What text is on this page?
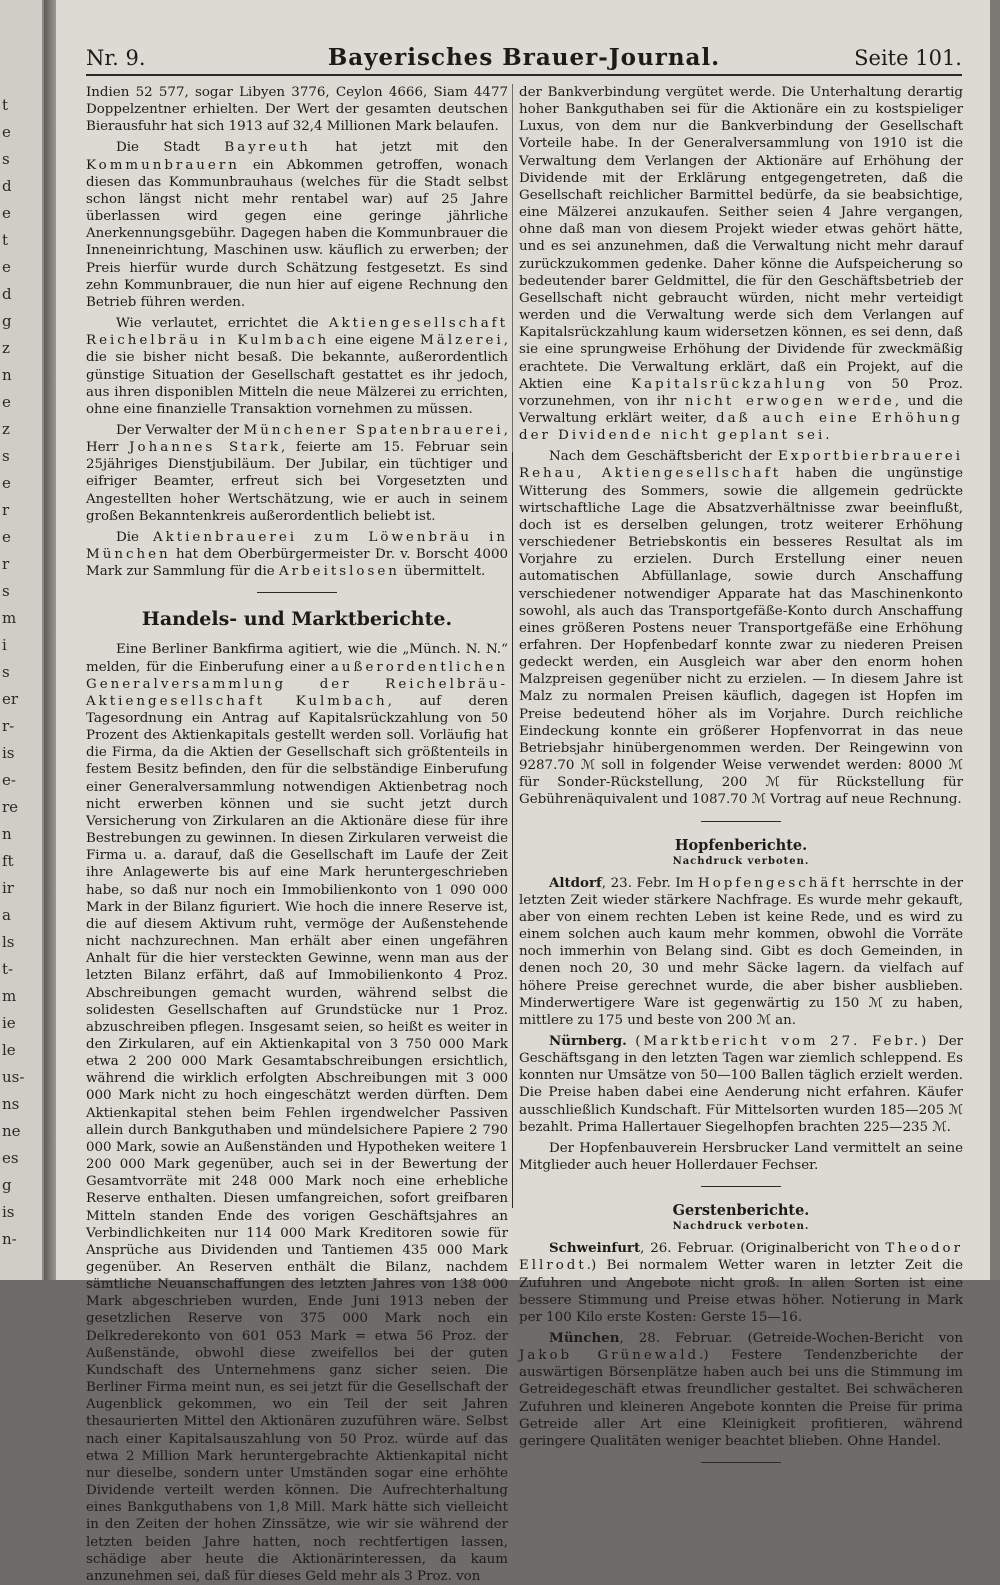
t
e
s
d
e
t
e
d
g
z
n
e
z
s
e
r
e
r
s
m
i
s
er
r-
is
e-
re
n
ft
ir
a
ls
t-
m
ie
le
us-
ns
ne
es
g
is
n-
Nr. 9.	Bayerisches Brauer-Journal.	Seite 101.

Indien 52 577, sogar Libyen 3776, Ceylon 4666, Siam 4477 Doppelzentner erhielten. Der Wert der gesamten deutschen Bierausfuhr hat sich 1913 auf 32,4 Millionen Mark belaufen.

Die Stadt Bayreuth hat jetzt mit den Kommunbrauern ein Abkommen getroffen, wonach diesen das Kommunbrauhaus (welches für die Stadt selbst schon längst nicht mehr rentabel war) auf 25 Jahre überlassen wird gegen eine geringe jährliche Anerkennungsgebühr. Dagegen haben die Kommunbrauer die Inneneinrichtung, Maschinen usw. käuflich zu erwerben; der Preis hierfür wurde durch Schätzung festgesetzt. Es sind zehn Kommunbrauer, die nun hier auf eigene Rechnung den Betrieb führen werden.

Wie verlautet, errichtet die Aktiengesellschaft Reichelbräu in Kulmbach eine eigene Mälzerei, die sie bisher nicht besaß. Die bekannte, außerordentlich günstige Situation der Gesellschaft gestattet es ihr jedoch, aus ihren disponiblen Mitteln die neue Mälzerei zu errichten, ohne eine finanzielle Transaktion vornehmen zu müssen.

Der Verwalter der Münchener Spatenbrauerei, Herr Johannes Stark, feierte am 15. Februar sein 25jähriges Dienstjubiläum. Der Jubilar, ein tüchtiger und eifriger Beamter, erfreut sich bei Vorgesetzten und Angestellten hoher Wertschätzung, wie er auch in seinem großen Bekanntenkreis außerordentlich beliebt ist.

Die Aktienbrauerei zum Löwenbräu in München hat dem Oberbürgermeister Dr. v. Borscht 4000 Mark zur Sammlung für die Arbeitslosen übermittelt.

Handels- und Marktberichte.

Eine Berliner Bankfirma agitiert, wie die „Münch. N. N.“ melden, für die Einberufung einer außerordentlichen Generalversammlung der Reichelbräu-Aktiengesellschaft Kulmbach, auf deren Tagesordnung ein Antrag auf Kapitalsrückzahlung von 50 Prozent des Aktienkapitals gestellt werden soll. Vorläufig hat die Firma, da die Aktien der Gesellschaft sich größtenteils in festem Besitz befinden, den für die selbständige Einberufung einer Generalversammlung notwendigen Aktienbetrag noch nicht erwerben können und sie sucht jetzt durch Versicherung von Zirkularen an die Aktionäre diese für ihre Bestrebungen zu gewinnen. In diesen Zirkularen verweist die Firma u. a. darauf, daß die Gesellschaft im Laufe der Zeit ihre Anlagewerte bis auf eine Mark heruntergeschrieben habe, so daß nur noch ein Immobilienkonto von 1 090 000 Mark in der Bilanz figuriert. Wie hoch die innere Reserve ist, die auf diesem Aktivum ruht, vermöge der Außenstehende nicht nachzurechnen. Man erhält aber einen ungefähren Anhalt für die hier versteckten Gewinne, wenn man aus der letzten Bilanz erfährt, daß auf Immobilienkonto 4 Proz. Abschreibungen gemacht wurden, während selbst die solidesten Gesellschaften auf Grundstücke nur 1 Proz. abzuschreiben pflegen. Insgesamt seien, so heißt es weiter in den Zirkularen, auf ein Aktienkapital von 3 750 000 Mark etwa 2 200 000 Mark Gesamtabschreibungen ersichtlich, während die wirklich erfolgten Abschreibungen mit 3 000 000 Mark nicht zu hoch eingeschätzt werden dürften. Dem Aktienkapital stehen beim Fehlen irgendwelcher Passiven allein durch Bankguthaben und mündelsichere Papiere 2 790 000 Mark, sowie an Außenständen und Hypotheken weitere 1 200 000 Mark gegenüber, auch sei in der Bewertung der Gesamtvorräte mit 248 000 Mark noch eine erhebliche Reserve enthalten. Diesen umfangreichen, sofort greifbaren Mitteln standen Ende des vorigen Geschäftsjahres an Verbindlichkeiten nur 114 000 Mark Kreditoren sowie für Ansprüche aus Dividenden und Tantiemen 435 000 Mark gegenüber. An Reserven enthält die Bilanz, nachdem sämtliche Neuanschaffungen des letzten Jahres von 138 000 Mark abgeschrieben wurden, Ende Juni 1913 neben der gesetzlichen Reserve von 375 000 Mark noch ein Delkrederekonto von 601 053 Mark = etwa 56 Proz. der Außenstände, obwohl diese zweifellos bei der guten Kundschaft des Unternehmens ganz sicher seien. Die Berliner Firma meint nun, es sei jetzt für die Gesellschaft der Augenblick gekommen, wo ein Teil der seit Jahren thesaurierten Mittel den Aktionären zuzuführen wäre. Selbst nach einer Kapitalsauszahlung von 50 Proz. würde auf das etwa 2 Million Mark heruntergebrachte Aktienkapital nicht nur dieselbe, sondern unter Umständen sogar eine erhöhte Dividende verteilt werden können. Die Aufrechterhaltung eines Bankguthabens von 1,8 Mill. Mark hätte sich vielleicht in den Zeiten der hohen Zinssätze, wie wir sie während der letzten beiden Jahre hatten, noch rechtfertigen lassen, schädige aber heute die Aktionärinteressen, da kaum anzunehmen sei, daß für dieses Geld mehr als 3 Proz. von

der Bankverbindung vergütet werde. Die Unterhaltung derartig hoher Bankguthaben sei für die Aktionäre ein zu kostspieliger Luxus, von dem nur die Bankverbindung der Gesellschaft Vorteile habe. In der Generalversammlung von 1910 ist die Verwaltung dem Verlangen der Aktionäre auf Erhöhung der Dividende mit der Erklärung entgegengetreten, daß die Gesellschaft reichlicher Barmittel bedürfe, da sie beabsichtige, eine Mälzerei anzukaufen. Seither seien 4 Jahre vergangen, ohne daß man von diesem Projekt wieder etwas gehört hätte, und es sei anzunehmen, daß die Verwaltung nicht mehr darauf zurückzukommen gedenke. Daher könne die Aufspeicherung so bedeutender barer Geldmittel, die für den Geschäftsbetrieb der Gesellschaft nicht gebraucht würden, nicht mehr verteidigt werden und die Verwaltung werde sich dem Verlangen auf Kapitalsrückzahlung kaum widersetzen können, es sei denn, daß sie eine sprungweise Erhöhung der Dividende für zweckmäßig erachtete. Die Verwaltung erklärt, daß ein Projekt, auf die Aktien eine Kapitalsrückzahlung von 50 Proz. vorzunehmen, von ihr nicht erwogen werde, und die Verwaltung erklärt weiter, daß auch eine Erhöhung der Dividende nicht geplant sei.

Nach dem Geschäftsbericht der Exportbierbrauerei Rehau, Aktiengesellschaft haben die ungünstige Witterung des Sommers, sowie die allgemein gedrückte wirtschaftliche Lage die Absatzverhältnisse zwar beeinflußt, doch ist es derselben gelungen, trotz weiterer Erhöhung verschiedener Betriebskontis ein besseres Resultat als im Vorjahre zu erzielen. Durch Erstellung einer neuen automatischen Abfüllanlage, sowie durch Anschaffung verschiedener notwendiger Apparate hat das Maschinenkonto sowohl, als auch das Transportgefäße-Konto durch Anschaffung eines größeren Postens neuer Transportgefäße eine Erhöhung erfahren. Der Hopfenbedarf konnte zwar zu niederen Preisen gedeckt werden, ein Ausgleich war aber den enorm hohen Malzpreisen gegenüber nicht zu erzielen. — In diesem Jahre ist Malz zu normalen Preisen käuflich, dagegen ist Hopfen im Preise bedeutend höher als im Vorjahre. Durch reichliche Eindeckung konnte ein größerer Hopfenvorrat in das neue Betriebsjahr hinübergenommen werden. Der Reingewinn von 9287.70 ℳ soll in folgender Weise verwendet werden: 8000 ℳ für Sonder-Rückstellung, 200 ℳ für Rückstellung für Gebührenäquivalent und 1087.70 ℳ Vortrag auf neue Rechnung.

Hopfenberichte.
Nachdruck verboten.

Altdorf, 23. Febr. Im Hopfengeschäft herrschte in der letzten Zeit wieder stärkere Nachfrage. Es wurde mehr gekauft, aber von einem rechten Leben ist keine Rede, und es wird zu einem solchen auch kaum mehr kommen, obwohl die Vorräte noch immerhin von Belang sind. Gibt es doch Gemeinden, in denen noch 20, 30 und mehr Säcke lagern. da vielfach auf höhere Preise gerechnet wurde, die aber bisher ausblieben. Minderwertigere Ware ist gegenwärtig zu 150 ℳ zu haben, mittlere zu 175 und beste von 200 ℳ an.

Nürnberg. (Marktbericht vom 27. Febr.) Der Geschäftsgang in den letzten Tagen war ziemlich schleppend. Es konnten nur Umsätze von 50—100 Ballen täglich erzielt werden. Die Preise haben dabei eine Aenderung nicht erfahren. Käufer ausschließlich Kundschaft. Für Mittelsorten wurden 185—205 ℳ bezahlt. Prima Hallertauer Siegelhopfen brachten 225—235 ℳ.

Der Hopfenbauverein Hersbrucker Land vermittelt an seine Mitglieder auch heuer Hollerdauer Fechser.

Gerstenberichte.
Nachdruck verboten.

Schweinfurt, 26. Februar. (Originalbericht von Theodor Ellrodt.) Bei normalem Wetter waren in letzter Zeit die Zufuhren und Angebote nicht groß. In allen Sorten ist eine bessere Stimmung und Preise etwas höher. Notierung in Mark per 100 Kilo erste Kosten: Gerste 15—16.

München, 28. Februar. (Getreide-Wochen-Bericht von Jakob Grünewald.) Festere Tendenzberichte der auswärtigen Börsenplätze haben auch bei uns die Stimmung im Getreidegeschäft etwas freundlicher gestaltet. Bei schwächeren Zufuhren und kleineren Angebote konnten die Preise für prima Getreide aller Art eine Kleinigkeit profitieren, während geringere Qualitäten weniger beachtet blieben. Ohne Handel.
